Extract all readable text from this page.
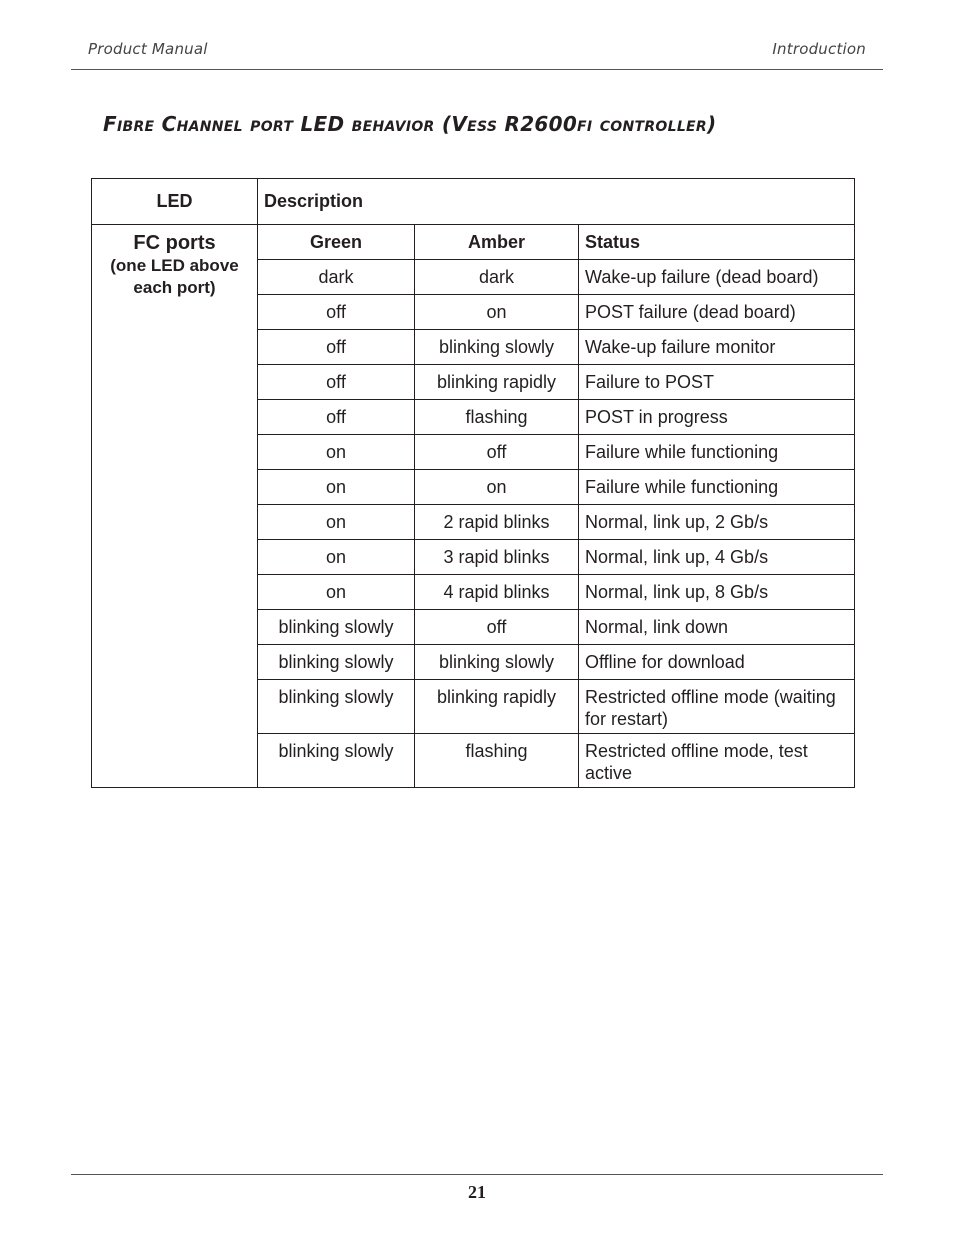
Product Manual	Introduction
Fibre Channel port LED behavior (Vess R2600fi controller)
LED	Description		

FC ports
(one LED above each port)	Green	Amber	Status
	dark	dark	Wake-up failure (dead board)
	off	on	POST failure (dead board)
	off	blinking slowly	Wake-up failure monitor
	off	blinking rapidly	Failure to POST
	off	flashing	POST in progress
	on	off	Failure while functioning
	on	on	Failure while functioning
	on	2 rapid blinks	Normal, link up, 2 Gb/s
	on	3 rapid blinks	Normal, link up, 4 Gb/s
	on	4 rapid blinks	Normal, link up, 8 Gb/s
	blinking slowly	off	Normal, link down
	blinking slowly	blinking slowly	Offline for download
	blinking slowly	blinking rapidly	Restricted offline mode (waiting for restart)
	blinking slowly	flashing	Restricted offline mode, test active
21
